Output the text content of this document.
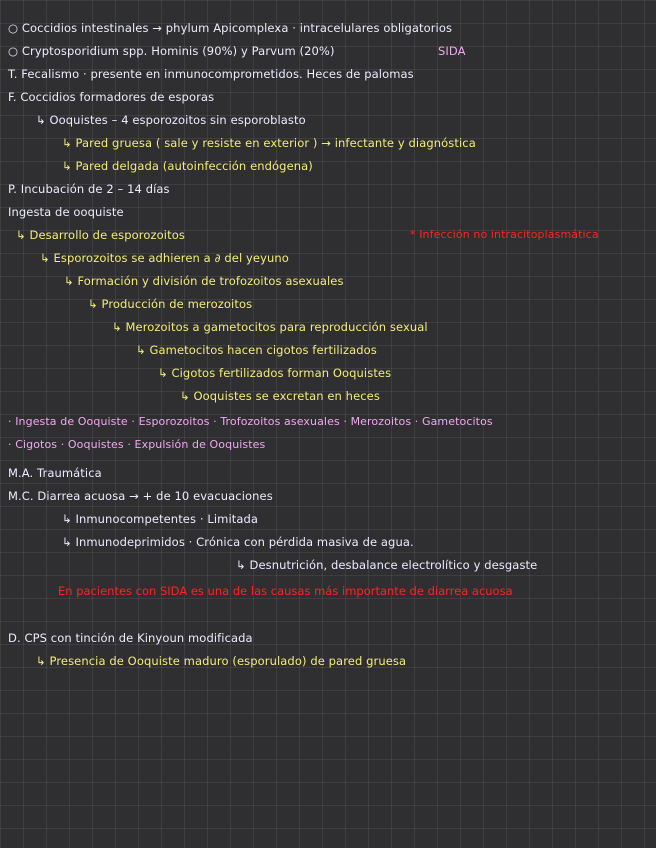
○ Coccidios intestinales → phylum Apicomplexa · intracelulares obligatorios
○ Cryptosporidium spp. Hominis (90%) y Parvum (20%)	SIDA
T. Fecalismo · presente en inmunocomprometidos. Heces de palomas
F. Coccidios formadores de esporas
↳ Ooquistes – 4 esporozoitos sin esporoblasto
↳ Pared gruesa ( sale y resiste en exterior ) → infectante y diagnóstica
↳ Pared delgada (autoinfección endógena)
P. Incubación de 2 – 14 días
Ingesta de ooquiste
↳ Desarrollo de esporozoitos	* Infección no intracitoplasmática
↳ Esporozoitos se adhieren a ∂ del yeyuno
↳ Formación y división de trofozoitos asexuales
↳ Producción de merozoitos
↳ Merozoitos a gametocitos para reproducción sexual
↳ Gametocitos hacen cigotos fertilizados
↳ Cigotos fertilizados forman Ooquistes
↳ Ooquistes se excretan en heces
· Ingesta de Ooquiste · Esporozoitos · Trofozoitos asexuales · Merozoitos · Gametocitos
· Cigotos · Ooquistes · Expulsión de Ooquistes
M.A. Traumática
M.C. Diarrea acuosa → + de 10 evacuaciones
↳ Inmunocompetentes · Limitada
↳ Inmunodeprimidos · Crónica con pérdida masiva de agua.
↳ Desnutrición, desbalance electrolítico y desgaste
En pacientes con SIDA es una de las causas más importante de diarrea acuosa
D. CPS con tinción de Kinyoun modificada
↳ Presencia de Ooquiste maduro (esporulado) de pared gruesa
